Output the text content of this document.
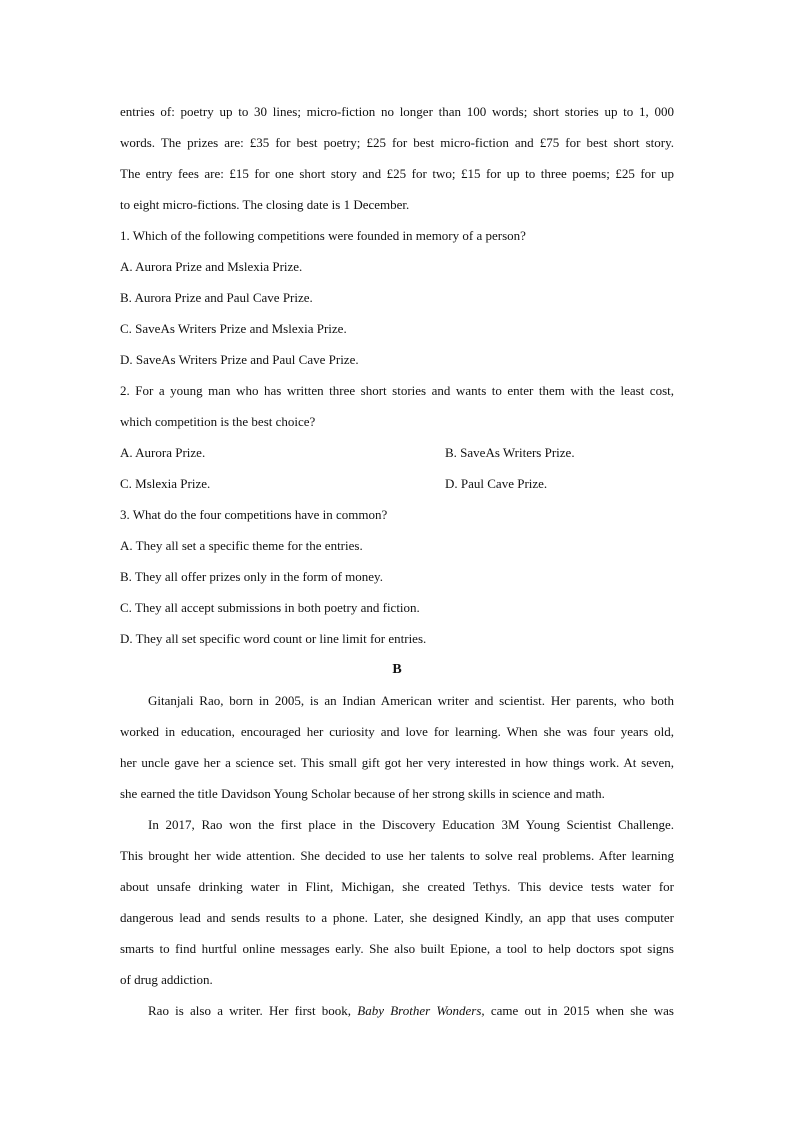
entries of: poetry up to 30 lines; micro-fiction no longer than 100 words; short stories up to 1, 000

words. The prizes are: £35 for best poetry; £25 for best micro-fiction and £75 for best short story.

The entry fees are: £15 for one short story and £25 for two; £15 for up to three poems; £25 for up

to eight micro-fictions. The closing date is 1 December.

1. Which of the following competitions were founded in memory of a person?

A. Aurora Prize and Mslexia Prize.

B. Aurora Prize and Paul Cave Prize.

C. SaveAs Writers Prize and Mslexia Prize.

D. SaveAs Writers Prize and Paul Cave Prize.

2. For a young man who has written three short stories and wants to enter them with the least cost,

which competition is the best choice?

A. Aurora Prize.	B. SaveAs Writers Prize.
C. Mslexia Prize.	D. Paul Cave Prize.

3. What do the four competitions have in common?

A. They all set a specific theme for the entries.

B. They all offer prizes only in the form of money.

C. They all accept submissions in both poetry and fiction.

D. They all set specific word count or line limit for entries.

B

Gitanjali Rao, born in 2005, is an Indian American writer and scientist. Her parents, who both

worked in education, encouraged her curiosity and love for learning. When she was four years old,

her uncle gave her a science set. This small gift got her very interested in how things work. At seven,

she earned the title Davidson Young Scholar because of her strong skills in science and math.

In 2017, Rao won the first place in the Discovery Education 3M Young Scientist Challenge.

This brought her wide attention. She decided to use her talents to solve real problems. After learning

about unsafe drinking water in Flint, Michigan, she created Tethys. This device tests water for

dangerous lead and sends results to a phone. Later, she designed Kindly, an app that uses computer

smarts to find hurtful online messages early. She also built Epione, a tool to help doctors spot signs

of drug addiction.

Rao is also a writer. Her first book, Baby Brother Wonders, came out in 2015 when she was
